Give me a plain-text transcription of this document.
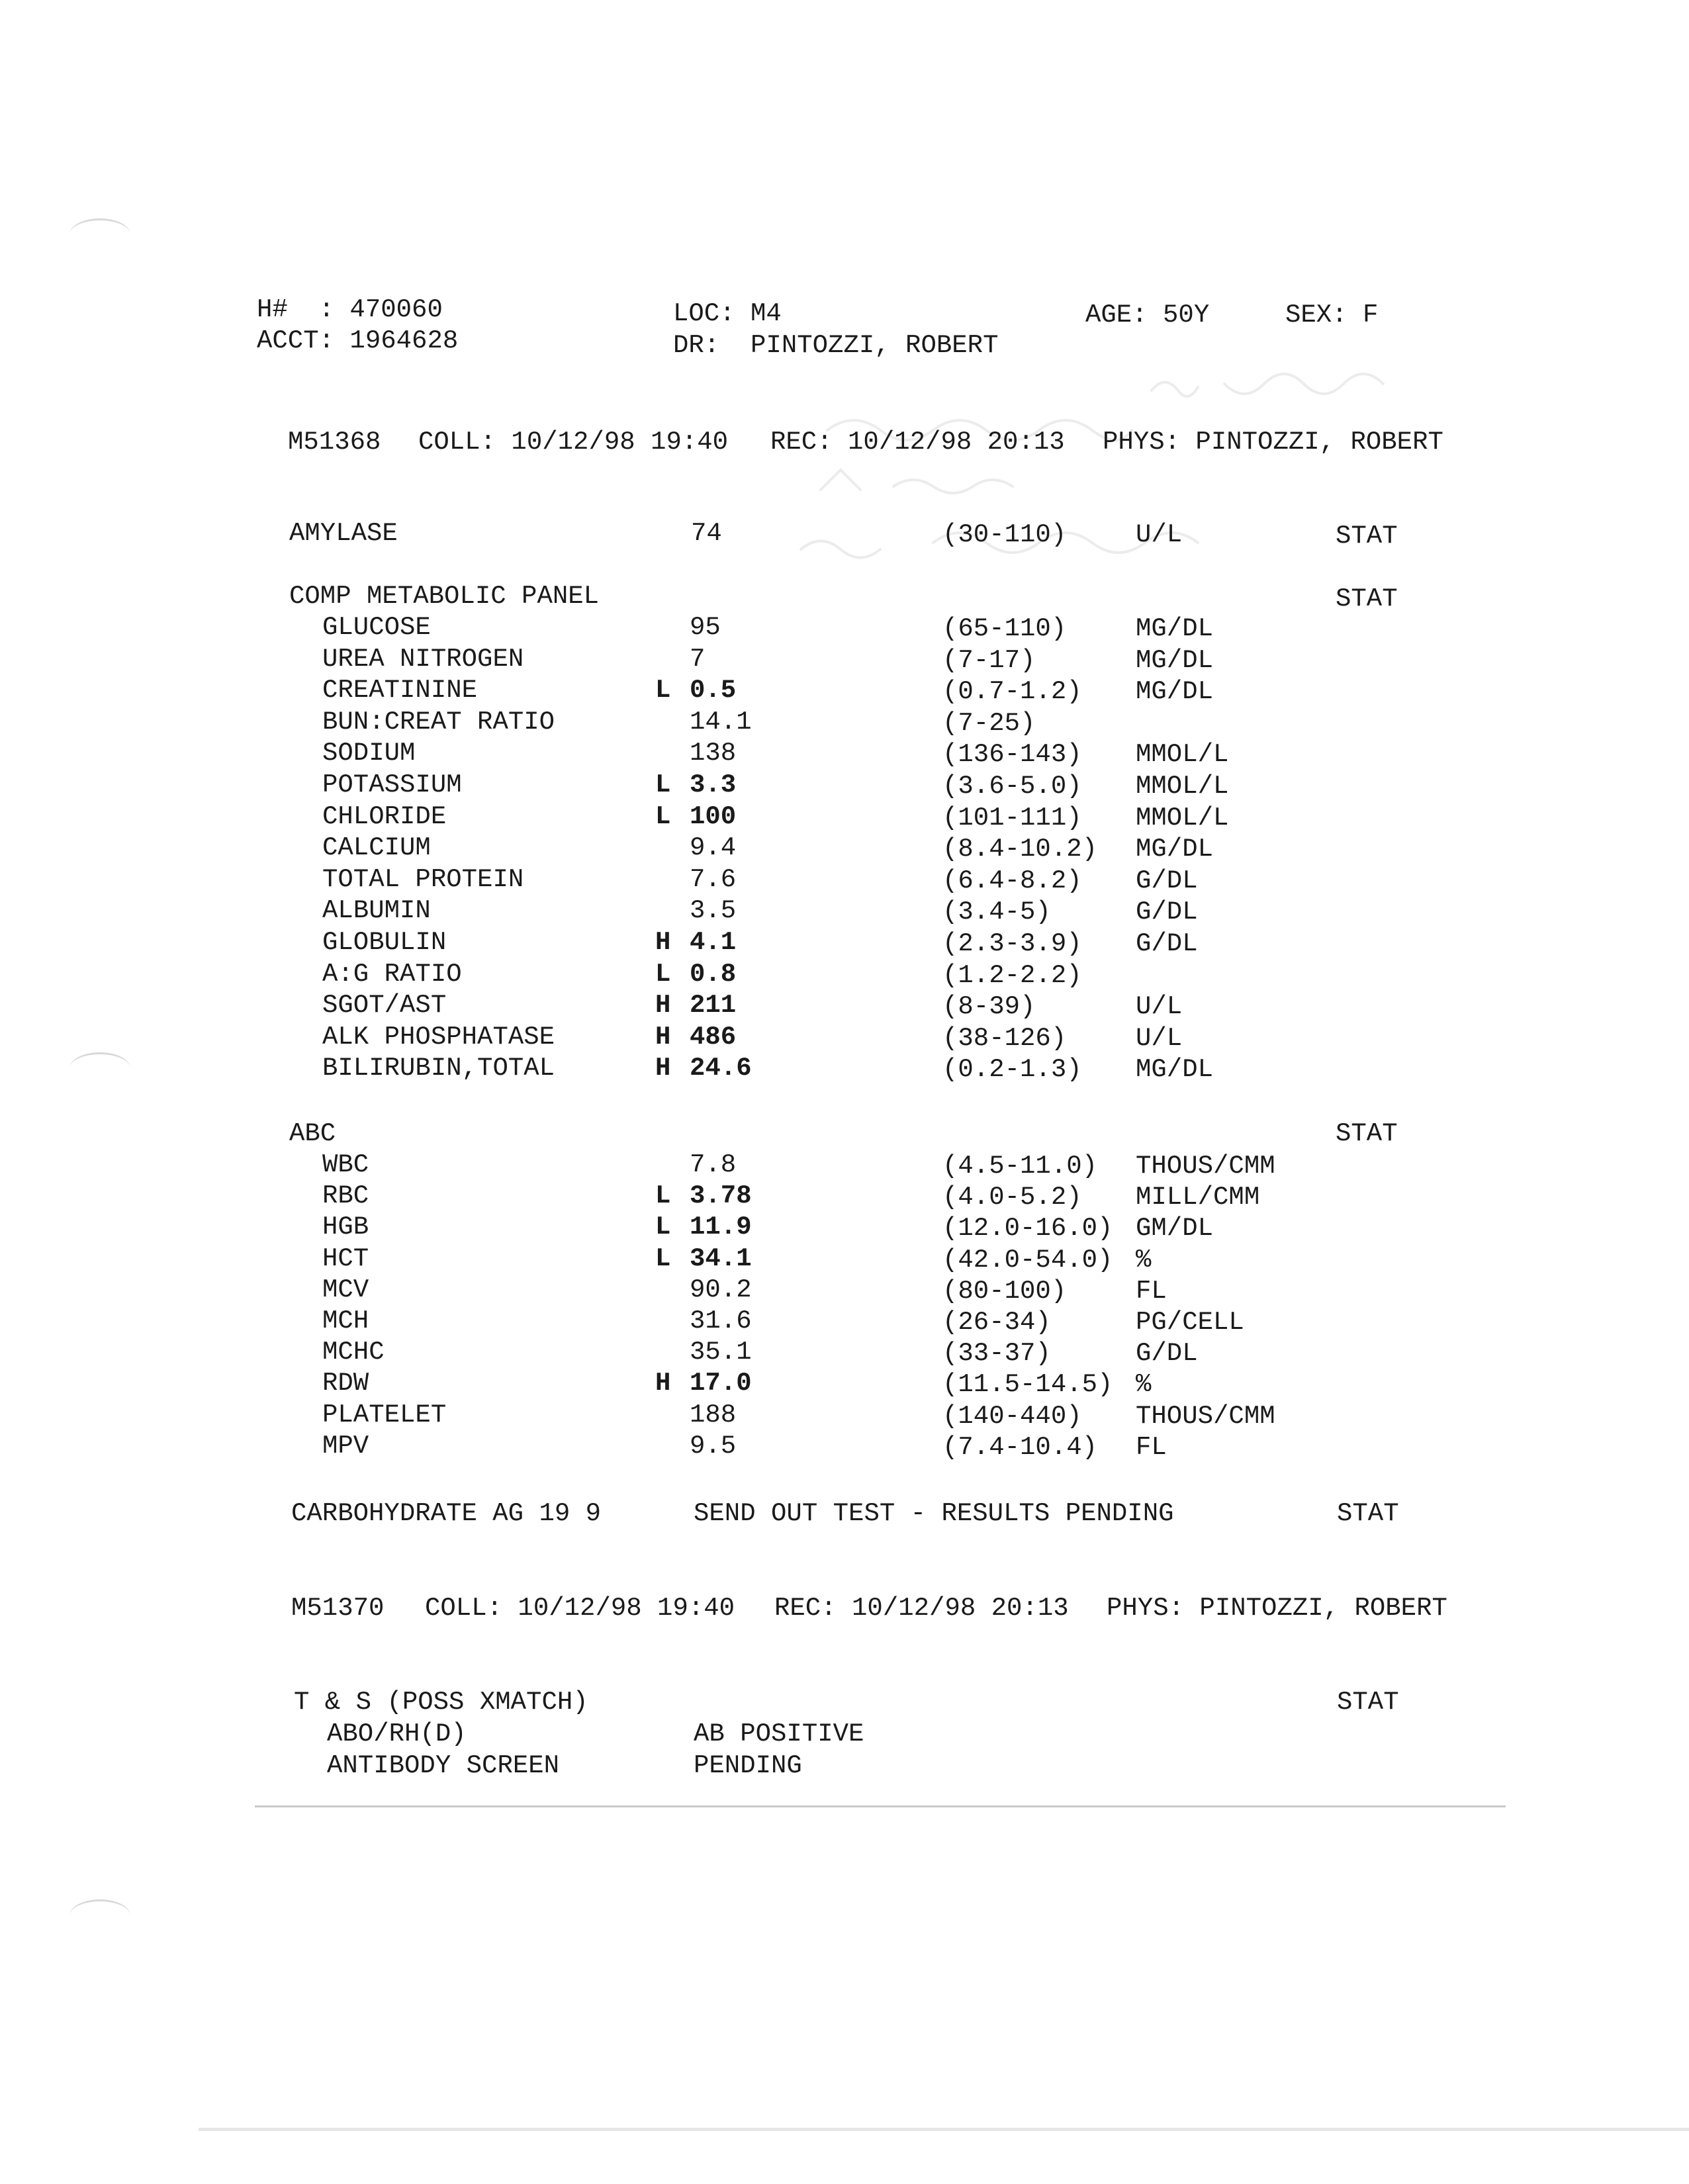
H#  : 470060
ACCT: 1964628
LOC: M4
DR:  PINTOZZI, ROBERT
AGE: 50Y	SEX: F
M51368 COLL: 10/12/98 19:40 REC: 10/12/98 20:13 PHYS: PINTOZZI, ROBERT
AMYLASE	74	(30-110)	U/L	STAT
COMP METABOLIC PANEL	STAT
GLUCOSE	95	(65-110)	MG/DL
UREA NITROGEN	7	(7-17)	MG/DL
CREATININE	L 0.5	(0.7-1.2) MG/DL
BUN:CREAT RATIO	14.1	(7-25)
SODIUM	138	(136-143) MMOL/L
POTASSIUM	L 3.3	(3.6-5.0) MMOL/L
CHLORIDE	L 100	(101-111) MMOL/L
CALCIUM	9.4	(8.4-10.2) MG/DL
TOTAL PROTEIN	7.6	(6.4-8.2) G/DL
ALBUMIN	3.5	(3.4-5)	G/DL
GLOBULIN	H 4.1	(2.3-3.9) G/DL
A:G RATIO	L 0.8	(1.2-2.2)
SGOT/AST	H 211	(8-39)	U/L
ALK PHOSPHATASE	H 486	(38-126)	U/L
BILIRUBIN,TOTAL	H 24.6	(0.2-1.3) MG/DL
ABC	STAT
WBC	7.8	(4.5-11.0) THOUS/CMM
RBC	L 3.78	(4.0-5.2) MILL/CMM
HGB	L 11.9	(12.0-16.0) GM/DL
HCT	L 34.1	(42.0-54.0) %
MCV	90.2	(80-100)	FL
MCH	31.6	(26-34)	PG/CELL
MCHC	35.1	(33-37)	G/DL
RDW	H 17.0	(11.5-14.5) %
PLATELET	188	(140-440) THOUS/CMM
MPV	9.5	(7.4-10.4) FL
CARBOHYDRATE AG 19 9	SEND OUT TEST - RESULTS PENDING	STAT
M51370 COLL: 10/12/98 19:40 REC: 10/12/98 20:13 PHYS: PINTOZZI, ROBERT
T & S (POSS XMATCH)	STAT
ABO/RH(D)	AB POSITIVE
ANTIBODY SCREEN	PENDING
